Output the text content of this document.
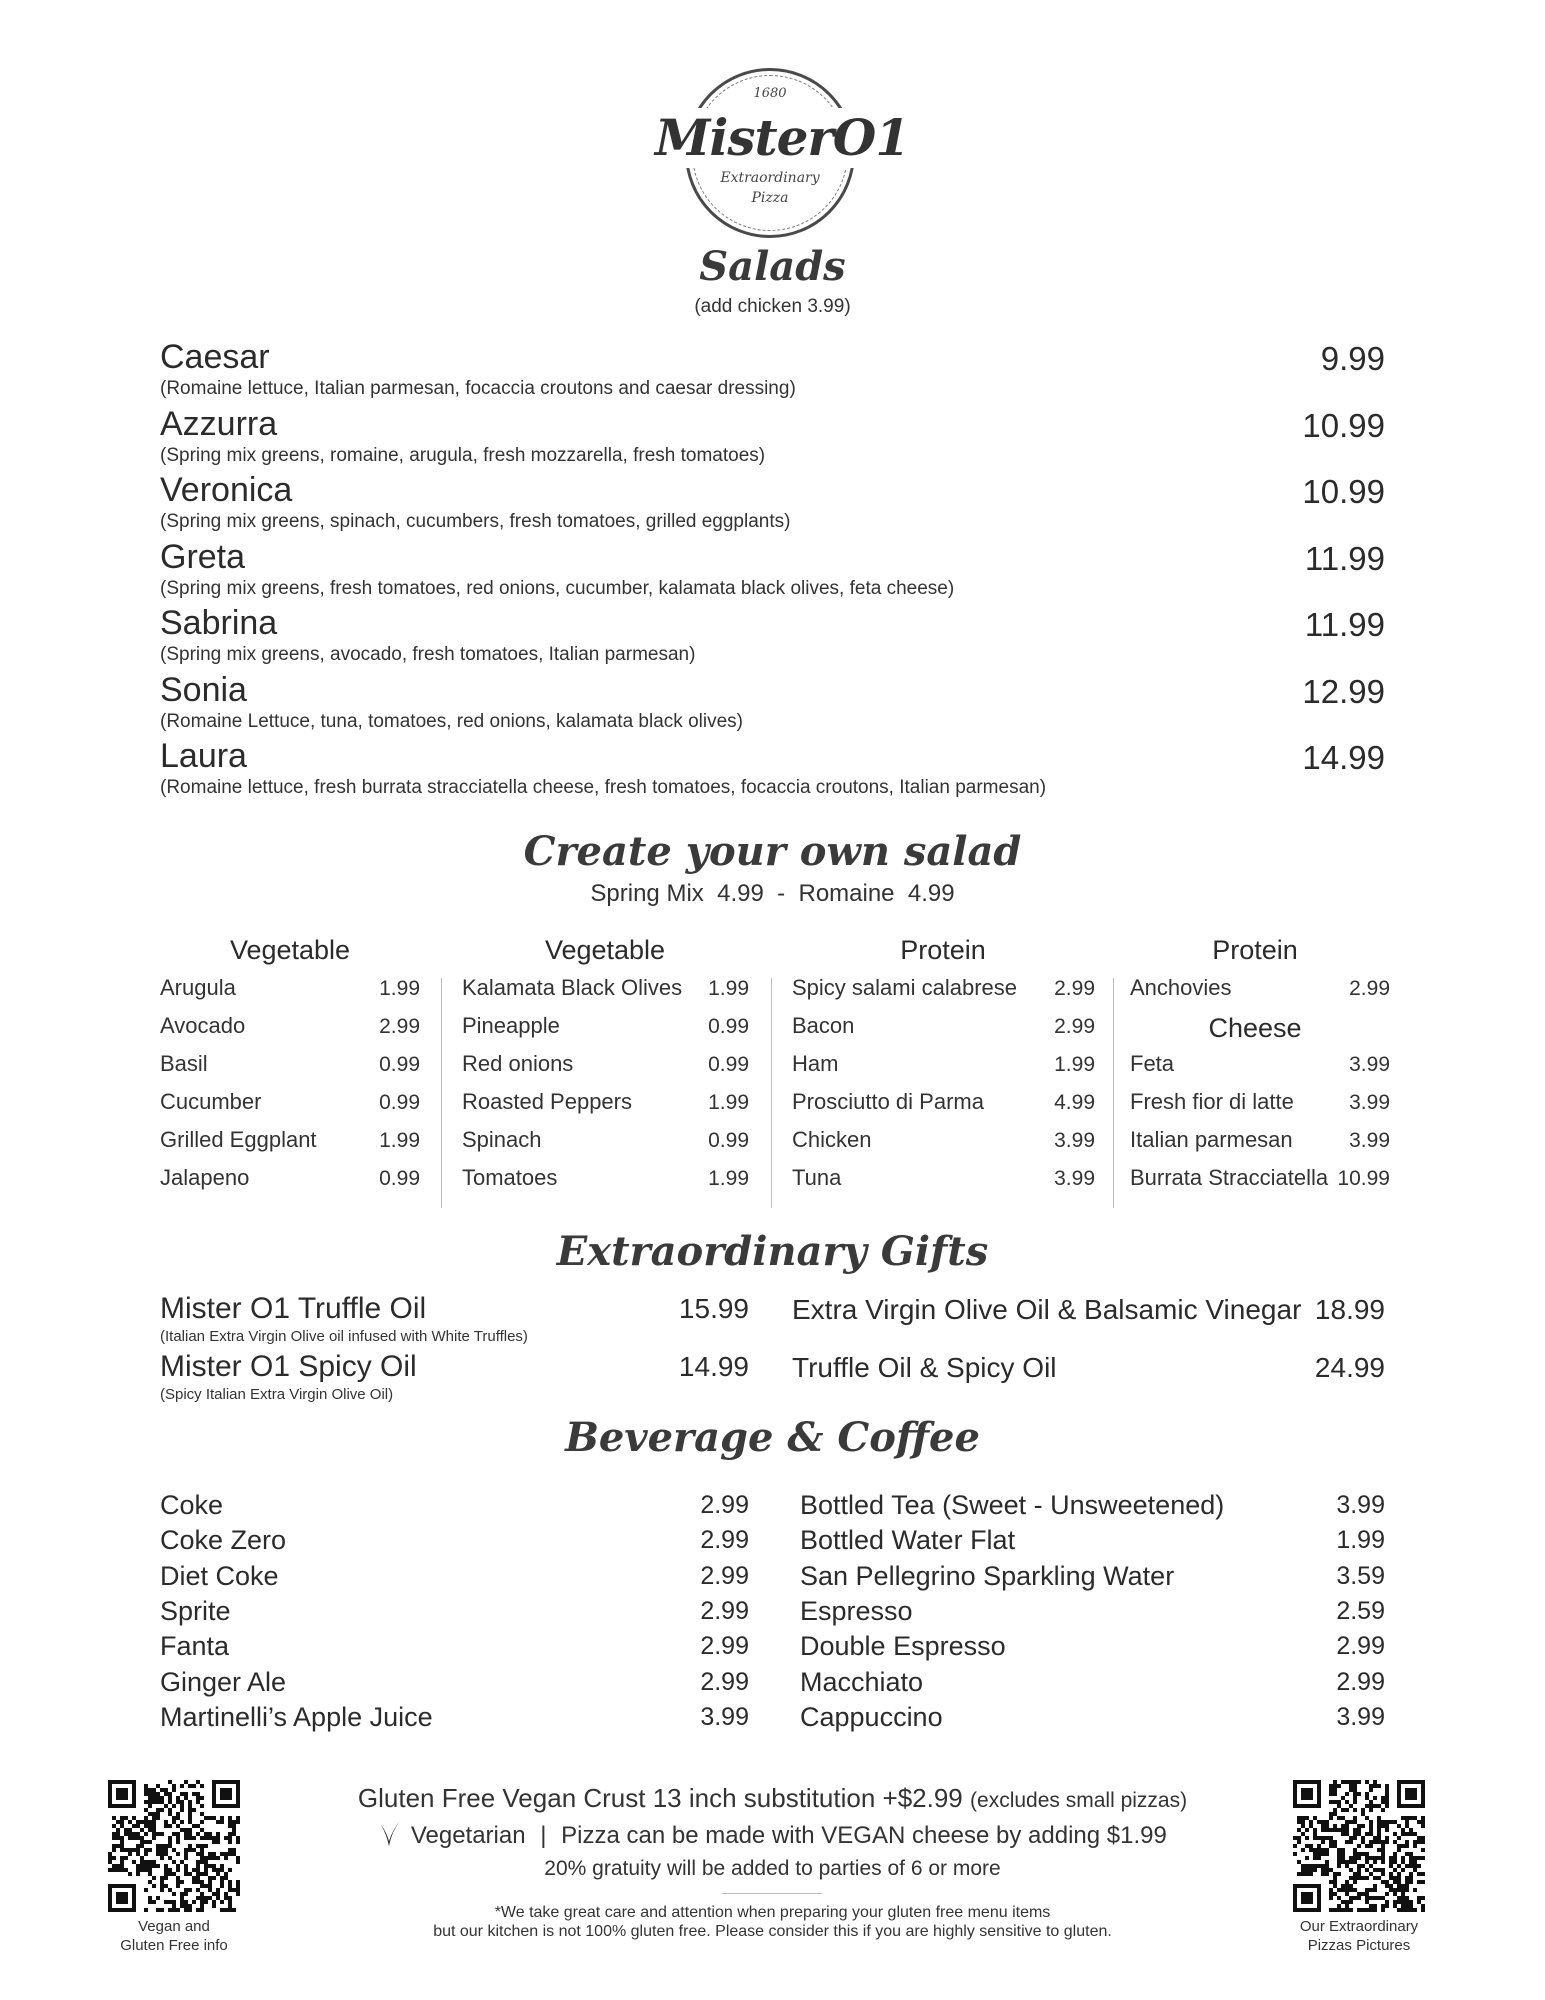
1680
MisterO1
Extraordinary
Pizza
Salads
(add chicken 3.99)
Caesar	9.99
(Romaine lettuce, Italian parmesan, focaccia croutons and caesar dressing)
Azzurra	10.99
(Spring mix greens, romaine, arugula, fresh mozzarella, fresh tomatoes)
Veronica	10.99
(Spring mix greens, spinach, cucumbers, fresh tomatoes, grilled eggplants)
Greta	11.99
(Spring mix greens, fresh tomatoes, red onions, cucumber, kalamata black olives, feta cheese)
Sabrina	11.99
(Spring mix greens, avocado, fresh tomatoes, Italian parmesan)
Sonia	12.99
(Romaine Lettuce, tuna, tomatoes, red onions, kalamata black olives)
Laura	14.99
(Romaine lettuce, fresh burrata stracciatella cheese, fresh tomatoes, focaccia croutons, Italian parmesan)
Create your own salad
Spring Mix  4.99  -  Romaine  4.99
Vegetable
Arugula	1.99
Avocado	2.99
Basil	0.99
Cucumber	0.99
Grilled Eggplant	1.99
Jalapeno	0.99
Vegetable
Kalamata Black Olives 1.99
Pineapple	0.99
Red onions	0.99
Roasted Peppers	1.99
Spinach	0.99
Tomatoes	1.99
Protein
Spicy salami calabrese 2.99
Bacon	2.99
Ham	1.99
Prosciutto di Parma	4.99
Chicken	3.99
Tuna	3.99
Protein
Anchovies	2.99
Cheese
Feta	3.99
Fresh fior di latte	3.99
Italian parmesan	3.99
Burrata Stracciatella 10.99
Extraordinary Gifts
Mister O1 Truffle Oil	15.99
(Italian Extra Virgin Olive oil infused with White Truffles)
Mister O1 Spicy Oil	14.99
(Spicy Italian Extra Virgin Olive Oil)
Extra Virgin Olive Oil & Balsamic Vinegar 18.99
Truffle Oil & Spicy Oil	24.99
Beverage & Coffee
Coke	2.99
Coke Zero	2.99
Diet Coke	2.99
Sprite	2.99
Fanta	2.99
Ginger Ale	2.99
Martinelli’s Apple Juice	3.99
Bottled Tea (Sweet - Unsweetened)	3.99
Bottled Water Flat	1.99
San Pellegrino Sparkling Water	3.59
Espresso	2.59
Double Espresso	2.99
Macchiato	2.99
Cappuccino	3.99
Vegan and
Gluten Free info
Our Extraordinary
Pizzas Pictures
Gluten Free Vegan Crust 13 inch substitution +$2.99 (excludes small pizzas)
Vegetarian | Pizza can be made with VEGAN cheese by adding $1.99
20% gratuity will be added to parties of 6 or more
*We take great care and attention when preparing your gluten free menu items
but our kitchen is not 100% gluten free. Please consider this if you are highly sensitive to gluten.
